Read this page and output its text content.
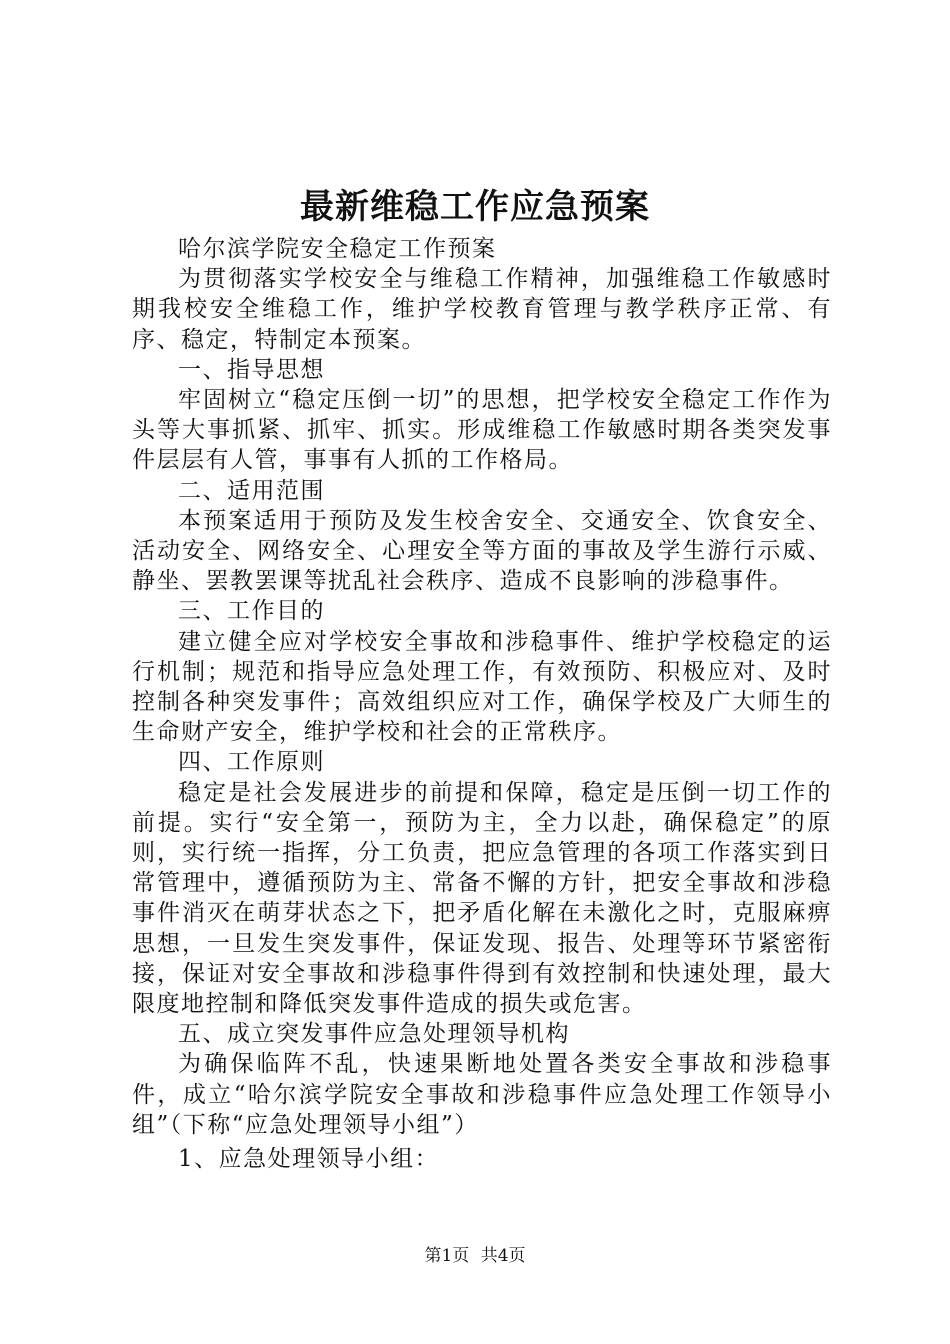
最新维稳工作应急预案

哈尔滨学院安全稳定工作预案

为贯彻落实学校安全与维稳工作精神，加强维稳工作敏感时期我校安全维稳工作，维护学校教育管理与教学秩序正常、有序、稳定，特制定本预案。

一、指导思想

牢固树立“稳定压倒一切”的思想，把学校安全稳定工作作为头等大事抓紧、抓牢、抓实。形成维稳工作敏感时期各类突发事件层层有人管，事事有人抓的工作格局。

二、适用范围

本预案适用于预防及发生校舍安全、交通安全、饮食安全、活动安全、网络安全、心理安全等方面的事故及学生游行示威、静坐、罢教罢课等扰乱社会秩序、造成不良影响的涉稳事件。

三、工作目的

建立健全应对学校安全事故和涉稳事件、维护学校稳定的运行机制；规范和指导应急处理工作，有效预防、积极应对、及时控制各种突发事件；高效组织应对工作，确保学校及广大师生的生命财产安全，维护学校和社会的正常秩序。

四、工作原则

稳定是社会发展进步的前提和保障，稳定是压倒一切工作的前提。实行“安全第一，预防为主，全力以赴，确保稳定”的原则，实行统一指挥，分工负责，把应急管理的各项工作落实到日常管理中，遵循预防为主、常备不懈的方针，把安全事故和涉稳事件消灭在萌芽状态之下，把矛盾化解在未激化之时，克服麻痹思想，一旦发生突发事件，保证发现、报告、处理等环节紧密衔接，保证对安全事故和涉稳事件得到有效控制和快速处理，最大限度地控制和降低突发事件造成的损失或危害。

五、成立突发事件应急处理领导机构

为确保临阵不乱，快速果断地处置各类安全事故和涉稳事件，成立“哈尔滨学院安全事故和涉稳事件应急处理工作领导小组”（下称“应急处理领导小组”）

1、应急处理领导小组：

第1页 共4页
